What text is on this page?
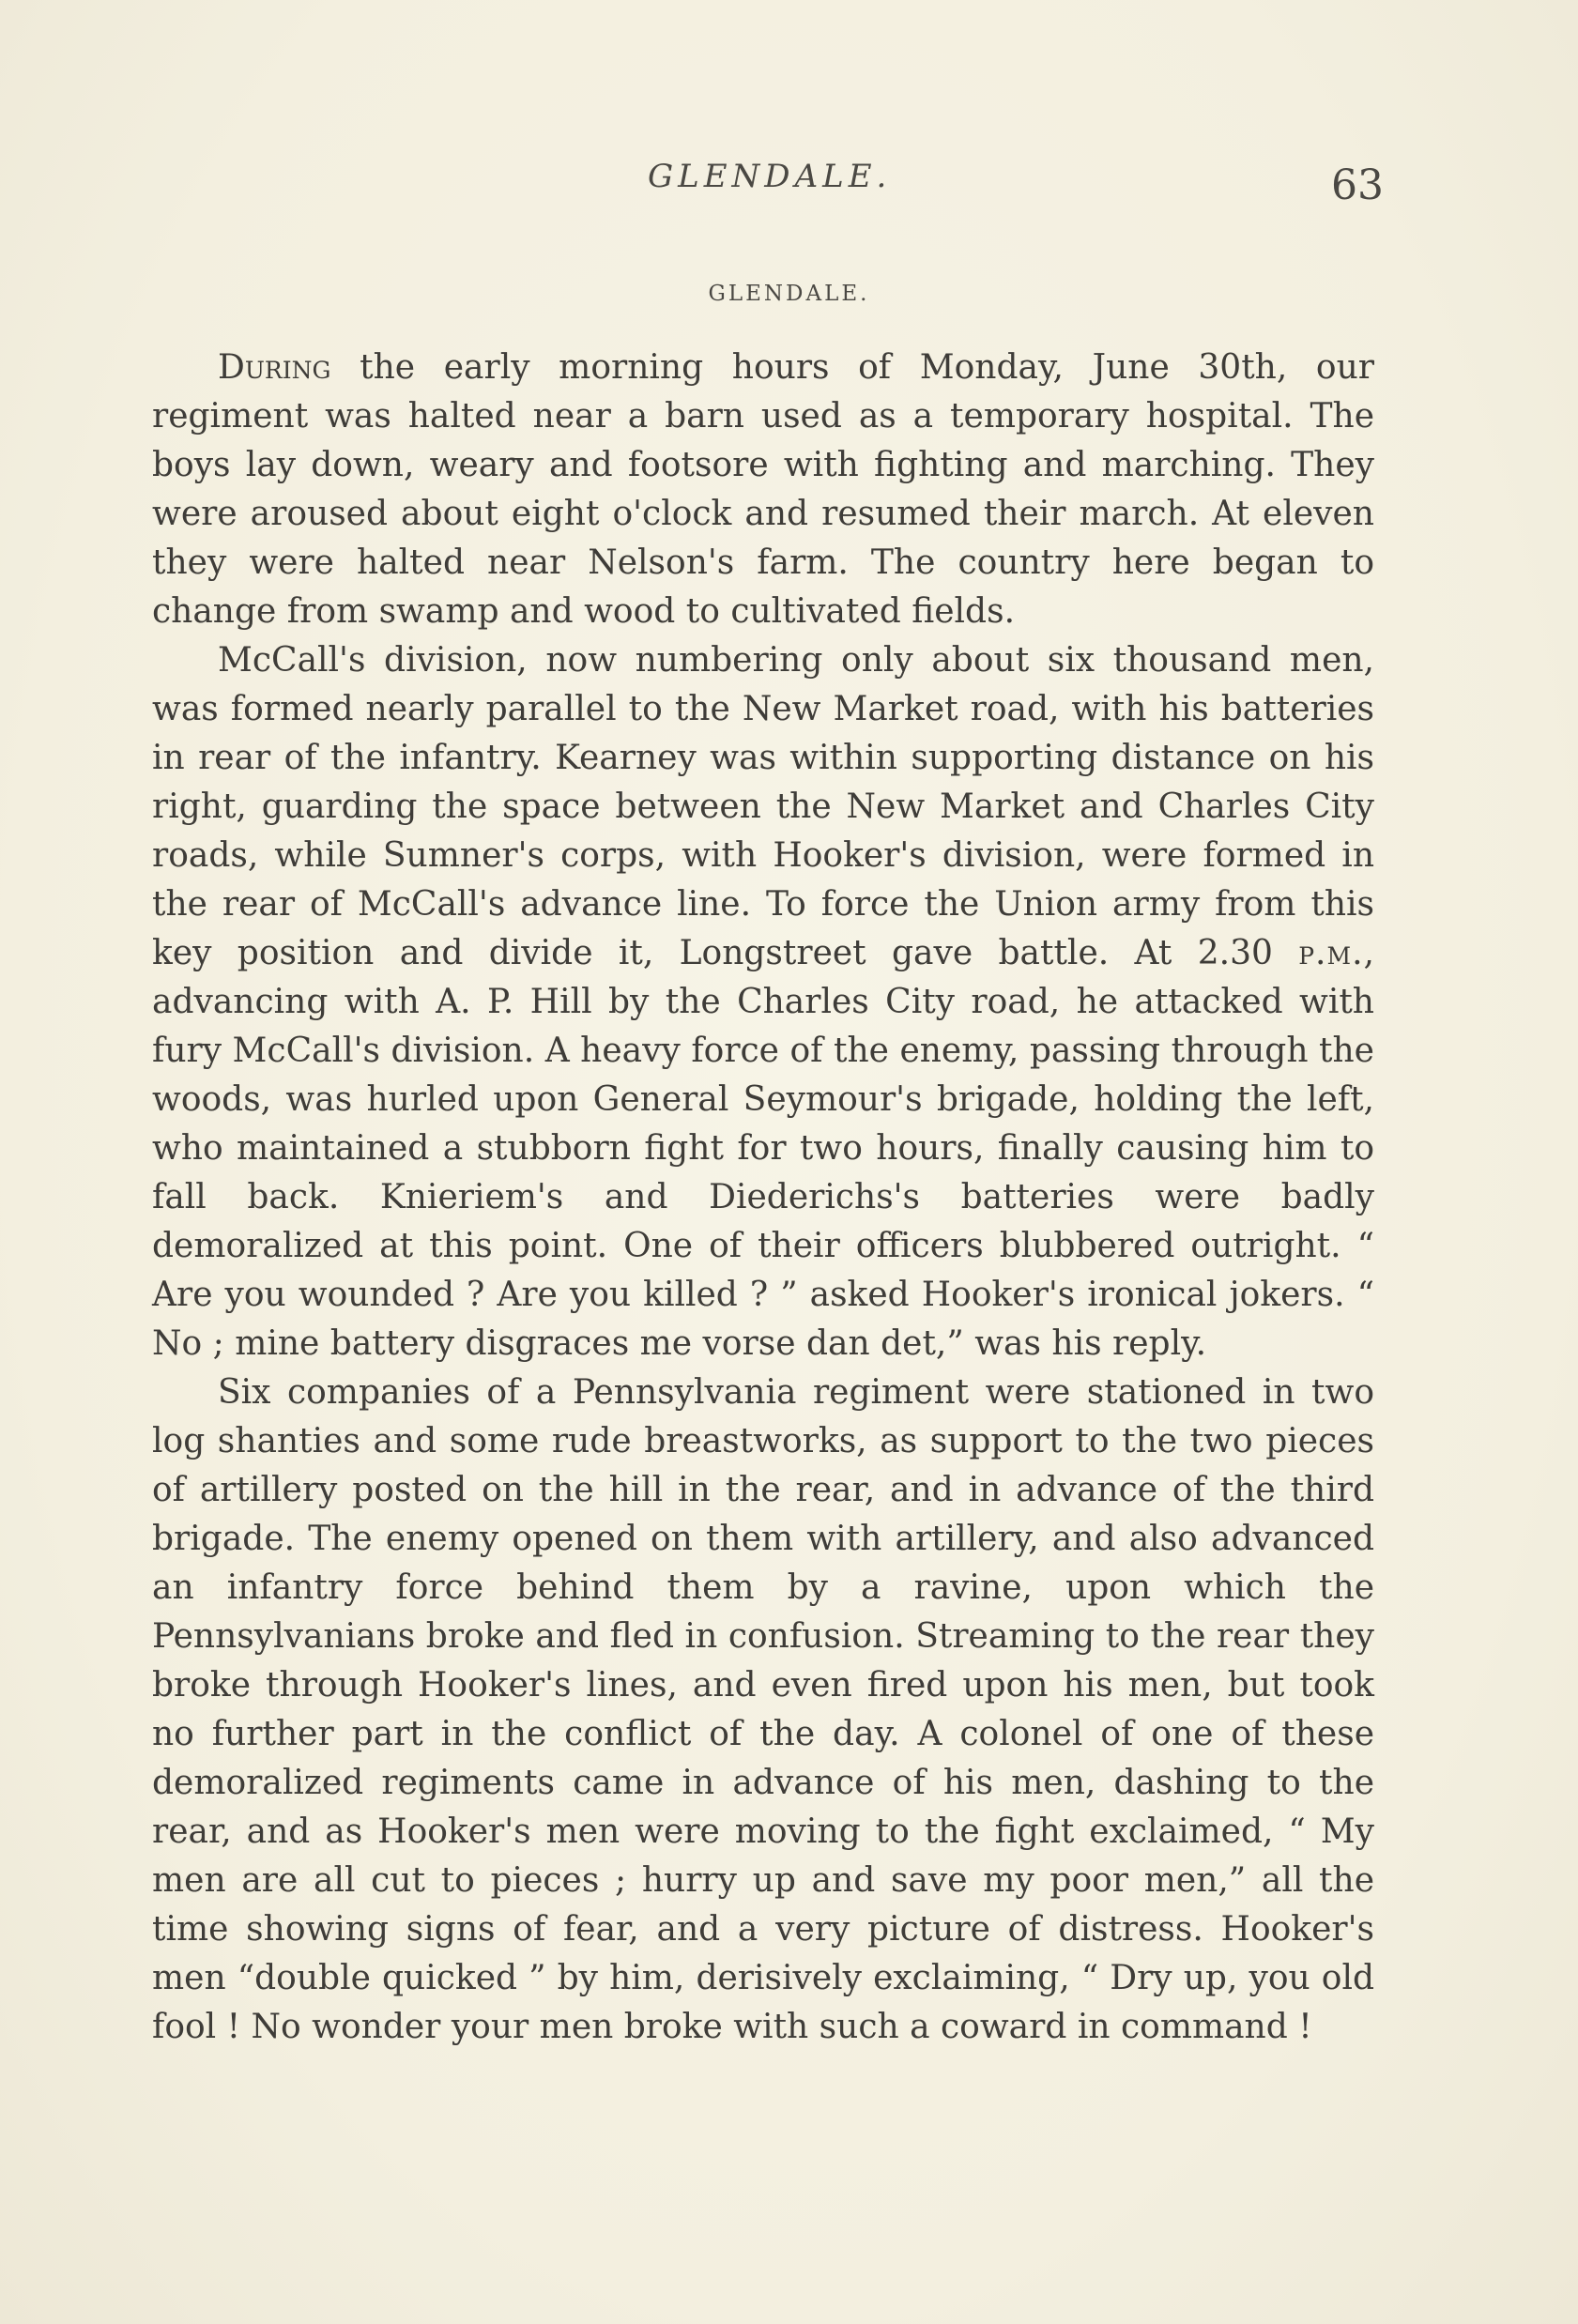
GLENDALE.	63
GLENDALE.

During the early morning hours of Monday, June 30th, our regiment was halted near a barn used as a temporary hospital. The boys lay down, weary and footsore with fighting and marching. They were aroused about eight o'clock and resumed their march. At eleven they were halted near Nelson's farm. The country here began to change from swamp and wood to cultivated fields.

McCall's division, now numbering only about six thousand men, was formed nearly parallel to the New Market road, with his batteries in rear of the infantry. Kearney was within supporting distance on his right, guarding the space between the New Market and Charles City roads, while Sumner's corps, with Hooker's division, were formed in the rear of McCall's advance line. To force the Union army from this key position and divide it, Longstreet gave battle. At 2.30 p.m., advancing with A. P. Hill by the Charles City road, he attacked with fury McCall's division. A heavy force of the enemy, passing through the woods, was hurled upon General Seymour's brigade, holding the left, who maintained a stubborn fight for two hours, finally causing him to fall back. Knieriem's and Diederichs's batteries were badly demoralized at this point. One of their officers blubbered outright. “ Are you wounded ? Are you killed ? ” asked Hooker's ironical jokers. “ No ; mine battery disgraces me vorse dan det,” was his reply.

Six companies of a Pennsylvania regiment were stationed in two log shanties and some rude breastworks, as support to the two pieces of artillery posted on the hill in the rear, and in advance of the third brigade. The enemy opened on them with artillery, and also advanced an infantry force behind them by a ravine, upon which the Pennsylvanians broke and fled in confusion. Streaming to the rear they broke through Hooker's lines, and even fired upon his men, but took no further part in the conflict of the day. A colonel of one of these demoralized regiments came in advance of his men, dashing to the rear, and as Hooker's men were moving to the fight exclaimed, “ My men are all cut to pieces ; hurry up and save my poor men,” all the time showing signs of fear, and a very picture of distress. Hooker's men “double quicked ” by him, derisively exclaiming, “ Dry up, you old fool ! No wonder your men broke with such a coward in command !
